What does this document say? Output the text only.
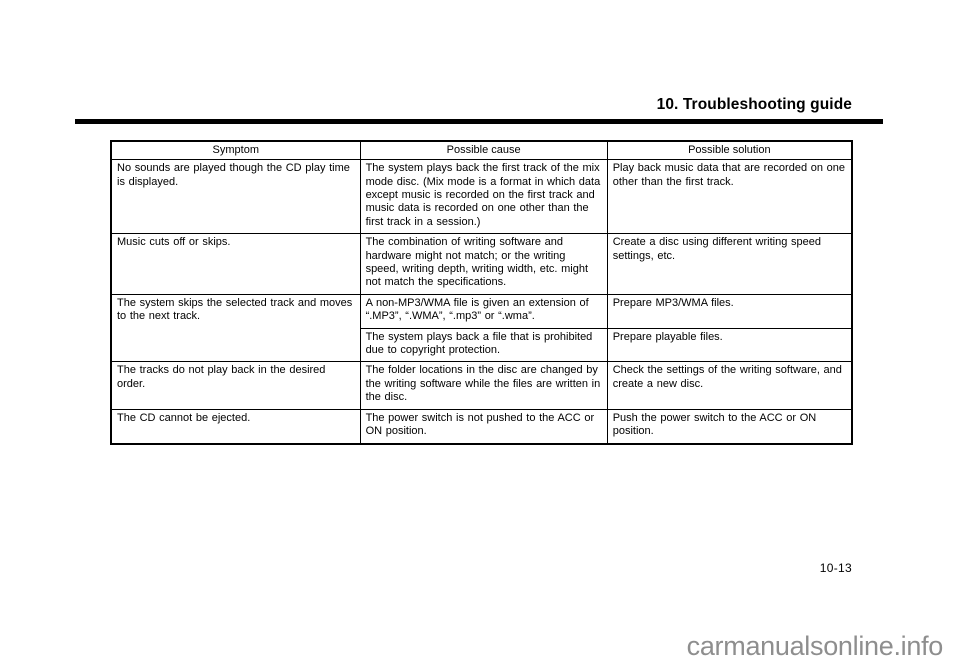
10. Troubleshooting guide
Symptom	Possible cause	Possible solution
No sounds are played though the CD play time is displayed.	The system plays back the first track of the mix mode disc. (Mix mode is a format in which data except music is recorded on the first track and music data is recorded on one other than the first track in a session.)	Play back music data that are recorded on one other than the first track.
Music cuts off or skips.	The combination of writing software and hardware might not match; or the writing speed, writing depth, writing width, etc. might not match the specifications.	Create a disc using different writing speed settings, etc.
The system skips the selected track and moves to the next track.	A non-MP3/WMA file is given an extension of “.MP3”, “.WMA”, “.mp3” or “.wma”.	Prepare MP3/WMA files.
	The system plays back a file that is prohibited due to copyright protection.	Prepare playable files.
The tracks do not play back in the desired order.	The folder locations in the disc are changed by the writing software while the files are written in the disc.	Check the settings of the writing software, and create a new disc.
The CD cannot be ejected.	The power switch is not pushed to the ACC or ON position.	Push the power switch to the ACC or ON position.
10-13
carmanualsonline.info
